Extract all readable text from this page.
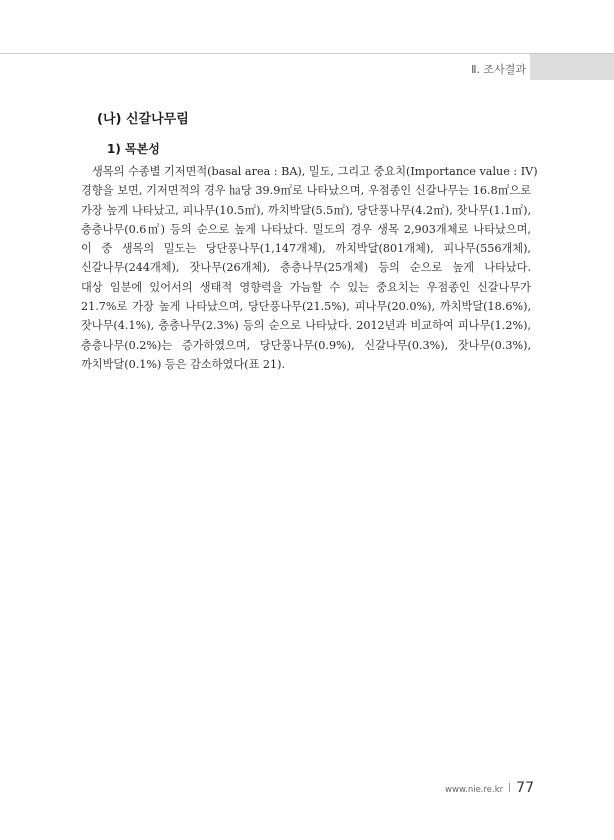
Ⅱ. 조사결과
(나) 신갈나무림
1) 목본성
생목의 수종별 기저면적(basal area : BA), 밀도, 그리고 중요치(Importance value : IV)
경향을 보면, 기저면적의 경우 ㏊당 39.9㎡로 나타났으며, 우점종인 신갈나무는 16.8㎡으로
가장 높게 나타났고, 피나무(10.5㎡), 까치박달(5.5㎡), 당단풍나무(4.2㎡), 잣나무(1.1㎡),
층층나무(0.6㎡) 등의 순으로 높게 나타났다. 밀도의 경우 생목 2,903개체로 나타났으며,
이 중 생목의 밀도는 당단풍나무(1,147개체), 까치박달(801개체), 피나무(556개체),
신갈나무(244개체), 잣나무(26개체), 층층나무(25개체) 등의 순으로 높게 나타났다.
대상 임분에 있어서의 생태적 영향력을 가늠할 수 있는 중요치는 우점종인 신갈나무가
21.7%로 가장 높게 나타났으며, 당단풍나무(21.5%), 피나무(20.0%), 까치박달(18.6%),
잣나무(4.1%), 층층나무(2.3%) 등의 순으로 나타났다. 2012년과 비교하여 피나무(1.2%),
층층나무(0.2%)는 증가하였으며, 당단풍나무(0.9%), 신갈나무(0.3%), 잣나무(0.3%),
까치박달(0.1%) 등은 감소하였다(표 21).
www.nie.re.kr 77
